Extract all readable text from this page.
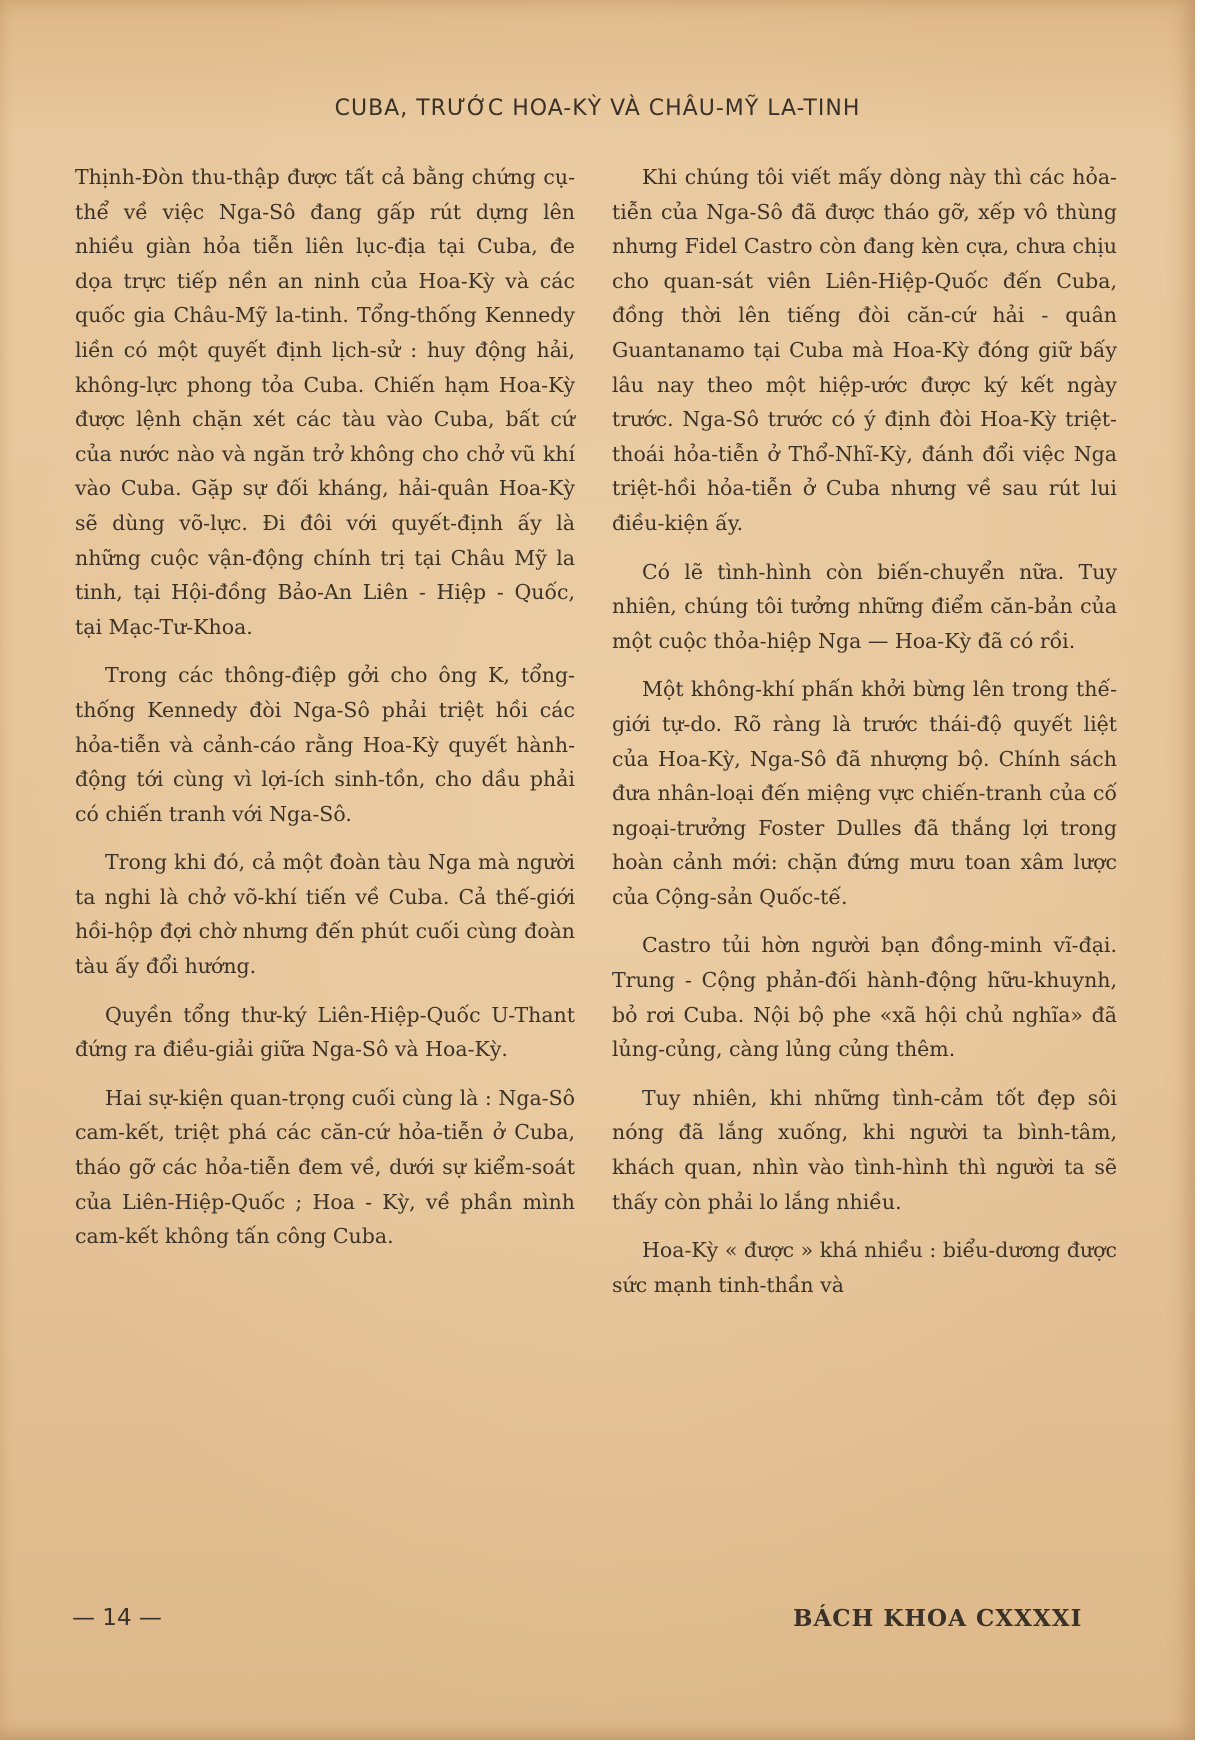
CUBA, TRƯỚC HOA-KỲ VÀ CHÂU-MỸ LA-TINH

Thịnh-Đòn thu-thập được tất cả bằng chứng cụ-thể về việc Nga-Sô đang gấp rút dựng lên nhiều giàn hỏa tiễn liên lục-địa tại Cuba, đe dọa trực tiếp nền an ninh của Hoa-Kỳ và các quốc gia Châu-Mỹ la-tinh. Tổng-thống Kennedy liền có một quyết định lịch-sử : huy động hải, không-lực phong tỏa Cuba. Chiến hạm Hoa-Kỳ được lệnh chặn xét các tàu vào Cuba, bất cứ của nước nào và ngăn trở không cho chở vũ khí vào Cuba. Gặp sự đối kháng, hải-quân Hoa-Kỳ sẽ dùng võ-lực. Đi đôi với quyết-định ấy là những cuộc vận-động chính trị tại Châu Mỹ la tinh, tại Hội-đồng Bảo-An Liên - Hiệp - Quốc, tại Mạc-Tư-Khoa.

Trong các thông-điệp gởi cho ông K, tổng-thống Kennedy đòi Nga-Sô phải triệt hồi các hỏa-tiễn và cảnh-cáo rằng Hoa-Kỳ quyết hành-động tới cùng vì lợi-ích sinh-tồn, cho dầu phải có chiến tranh với Nga-Sô.

Trong khi đó, cả một đoàn tàu Nga mà người ta nghi là chở võ-khí tiến về Cuba. Cả thế-giới hồi-hộp đợi chờ nhưng đến phút cuối cùng đoàn tàu ấy đổi hướng.

Quyền tổng thư-ký Liên-Hiệp-Quốc U-Thant đứng ra điều-giải giữa Nga-Sô và Hoa-Kỳ.

Hai sự-kiện quan-trọng cuối cùng là : Nga-Sô cam-kết, triệt phá các căn-cứ hỏa-tiễn ở Cuba, tháo gỡ các hỏa-tiễn đem về, dưới sự kiểm-soát của Liên-Hiệp-Quốc ; Hoa - Kỳ, về phần mình cam-kết không tấn công Cuba.

Khi chúng tôi viết mấy dòng này thì các hỏa-tiễn của Nga-Sô đã được tháo gỡ, xếp vô thùng nhưng Fidel Castro còn đang kèn cựa, chưa chịu cho quan-sát viên Liên-Hiệp-Quốc đến Cuba, đồng thời lên tiếng đòi căn-cứ hải - quân Guantanamo tại Cuba mà Hoa-Kỳ đóng giữ bấy lâu nay theo một hiệp-ước được ký kết ngày trước. Nga-Sô trước có ý định đòi Hoa-Kỳ triệt-thoái hỏa-tiễn ở Thổ-Nhĩ-Kỳ, đánh đổi việc Nga triệt-hồi hỏa-tiễn ở Cuba nhưng về sau rút lui điều-kiện ấy.

Có lẽ tình-hình còn biến-chuyển nữa. Tuy nhiên, chúng tôi tưởng những điểm căn-bản của một cuộc thỏa-hiệp Nga — Hoa-Kỳ đã có rồi.

Một không-khí phấn khởi bừng lên trong thế-giới tự-do. Rõ ràng là trước thái-độ quyết liệt của Hoa-Kỳ, Nga-Sô đã nhượng bộ. Chính sách đưa nhân-loại đến miệng vực chiến-tranh của cố ngoại-trưởng Foster Dulles đã thắng lợi trong hoàn cảnh mới: chặn đứng mưu toan xâm lược của Cộng-sản Quốc-tế.

Castro tủi hờn người bạn đồng-minh vĩ-đại. Trung - Cộng phản-đối hành-động hữu-khuynh, bỏ rơi Cuba. Nội bộ phe «xã hội chủ nghĩa» đã lủng-củng, càng lủng củng thêm.

Tuy nhiên, khi những tình-cảm tốt đẹp sôi nóng đã lắng xuống, khi người ta bình-tâm, khách quan, nhìn vào tình-hình thì người ta sẽ thấy còn phải lo lắng nhiều.

Hoa-Kỳ « được » khá nhiều : biểu-dương được sức mạnh tinh-thần và

— 14 —	BÁCH KHOA CXXXXI
